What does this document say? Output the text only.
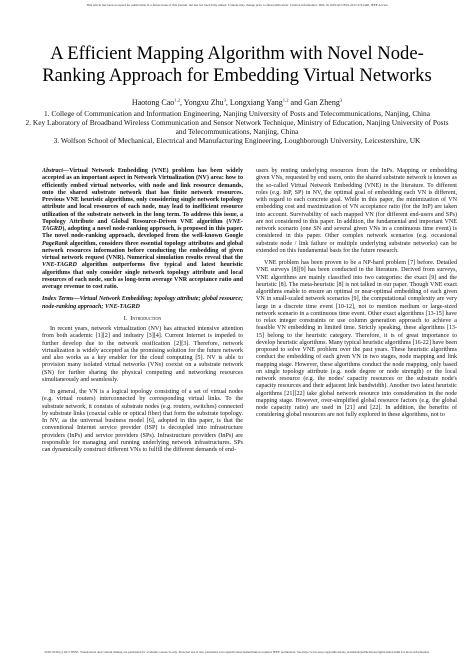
This article has been accepted for publication in a future issue of this journal, but has not been fully edited. Content may change prior to final publication. Citation information: DOI 10.1109/ACCESS.2017.2741446, IEEE Access
A Efficient Mapping Algorithm with Novel Node-Ranking Approach for Embedding Virtual Networks
Haotong Cao$^{1,2}$, Yongxu Zhu$^3$, Longxiang Yang$^{1,2}$ and Gan Zheng$^3$
1. College of Communication and Information Engineering, Nanjing University of Posts and Telecommunications, Nanjing, China
2. Key Laboratory of Broadband Wireless Communication and Sensor Network Technique, Ministry of Education, Nanjing University of Posts and Telecommunications, Nanjing, China
3. Wolfson School of Mechanical, Electrical and Manufacturing Engineering, Loughborough University, Leicestershire, UK

Abstract—Virtual Network Embedding (VNE) problem has been widely accepted as an important aspect in Network Virtualization (NV) area: how to efficiently embed virtual networks, with node and link resource demands, onto the shared substrate network that has finite network resources. Previous VNE heuristic algorithms, only considering single network topology attribute and local resources of each node, may lead to inefficient resource utilization of the substrate network in the long term. To address this issue, a Topology Attribute and Global Resource-Driven VNE algorithm (VNE-TAGRD), adopting a novel node-ranking approach, is proposed in this paper. The novel node-ranking approach, developed from the well-known Google PageRank algorithm, considers three essential topology attributes and global network resources information before conducting the embedding of given virtual network request (VNR). Numerical simulation results reveal that the VNE-TAGRD algorithm outperforms five typical and latest heuristic algorithms that only consider single network topology attribute and local resources of each node, such as long-term average VNR acceptance ratio and average revenue to cost ratio.

Index Terms—Virtual Network Embedding; topology attribute; global resource; node-ranking approach; VNE-TAGRD

I. Introduction

In recent years, network virtualization (NV) has attracted intensive attention from both academic [1][2] and industry [3][4]. Current Internet is impeded to further develop due to the network ossification [2][3]. Therefore, network virtualization is widely accepted as the promising solution for the future network and also works as a key enabler for the cloud computing [5]. NV is able to provision many isolated virtual networks (VNs) coexist on a substrate network (SN) for further sharing the physical computing and networking resources simultaneously and seamlessly.

In general, the VN is a logical topology consisting of a set of virtual nodes (e.g. virtual routers) interconnected by corresponding virtual links. To the substrate network, it consists of substrate nodes (e.g. routers, switches) connected by substrate links (coaxial cable or optical fiber) that form the substrate topology. In NV, as the universal business model [6], adopted in this paper, is that the conventional Internet service provider (ISP) is decoupled into infrastructure providers (InPs) and service providers (SPs). Infrastructure providers (InPs) are responsible for managing and running underlying network infrastructures. SPs can dynamically construct different VNs to fulfill the different demands of end-

users by renting underlying resources from the InPs. Mapping or embedding given VNs, requested by end users, onto the shared substrate network is known as the so-called Virtual Network Embedding (VNE) in the literature. To different roles (e.g. InP, SP) in NV, the optimal goal of embedding each VN is different, with regard to each concrete goal. While in this paper, the minimization of VN embedding cost and maximization of VN acceptance ratio (for the InP) are taken into account. Survivability of each mapped VN (for different end-users and SPs) are not considered in this paper. In addition, the fundamental and important VNE network scenario (one SN and several given VNs in a continuous time event) is considered in this paper. Other complex network scenarios (e.g. occasional substrate node / link failure or multiple underlying substrate networks) can be extended on this fundamental basis for the future research.

VNE problem has been proven to be a NP-hard problem [7] before. Detailed VNE surveys [8][9] has been conducted in the literature. Derived from surveys, VNE algorithms are mainly classified into two categories: the exact [9] and the heuristic [8]. The meta-heuristic [8] is not talked in our paper. Though VNE exact algorithms enable to ensure an optimal or near-optimal embedding of each given VN in small-scaled network scenarios [9], the computational complexity are very large in a discrete time event [10-12], not to mention medium or large-sized network scenario in a continuous time event. Other exact algorithms [13-15] have to relax integer constraints or use column generation approach to achieve a feasible VN embedding in limited time. Strictly speaking, these algorithms [13-15] belong to the heuristic category. Therefore, it is of great importance to develop heuristic algorithms. Many typical heuristic algorithms [16-22] have been proposed to solve VNE problem over the past years. These heuristic algorithms conduct the embedding of each given VN in two stages, node mapping and link mapping stage. However, these algorithms conduct the node mapping, only based on single topology attribute (e.g. node degree or node strength) or the local network resource (e.g. the nodes' capacity resources or the substrate node's capacity resources and their adjacent link bandwidth). Another two latest heuristic algorithms [21][22] take global network resource into consideration in the node mapping stage. However, over-simplified global resource factors (e.g. the global node capacity ratio) are used in [21] and [22]. In addition, the benefits of considering global resources are not fully explored in these algorithms, not to

2169-3536 (c) 2017 IEEE. Translations and content mining are permitted for academic research only. Personal use is also permitted, but republication/redistribution requires IEEE permission. See http://www.ieee.org/publications_standards/publications/rights/index.html for more information.
